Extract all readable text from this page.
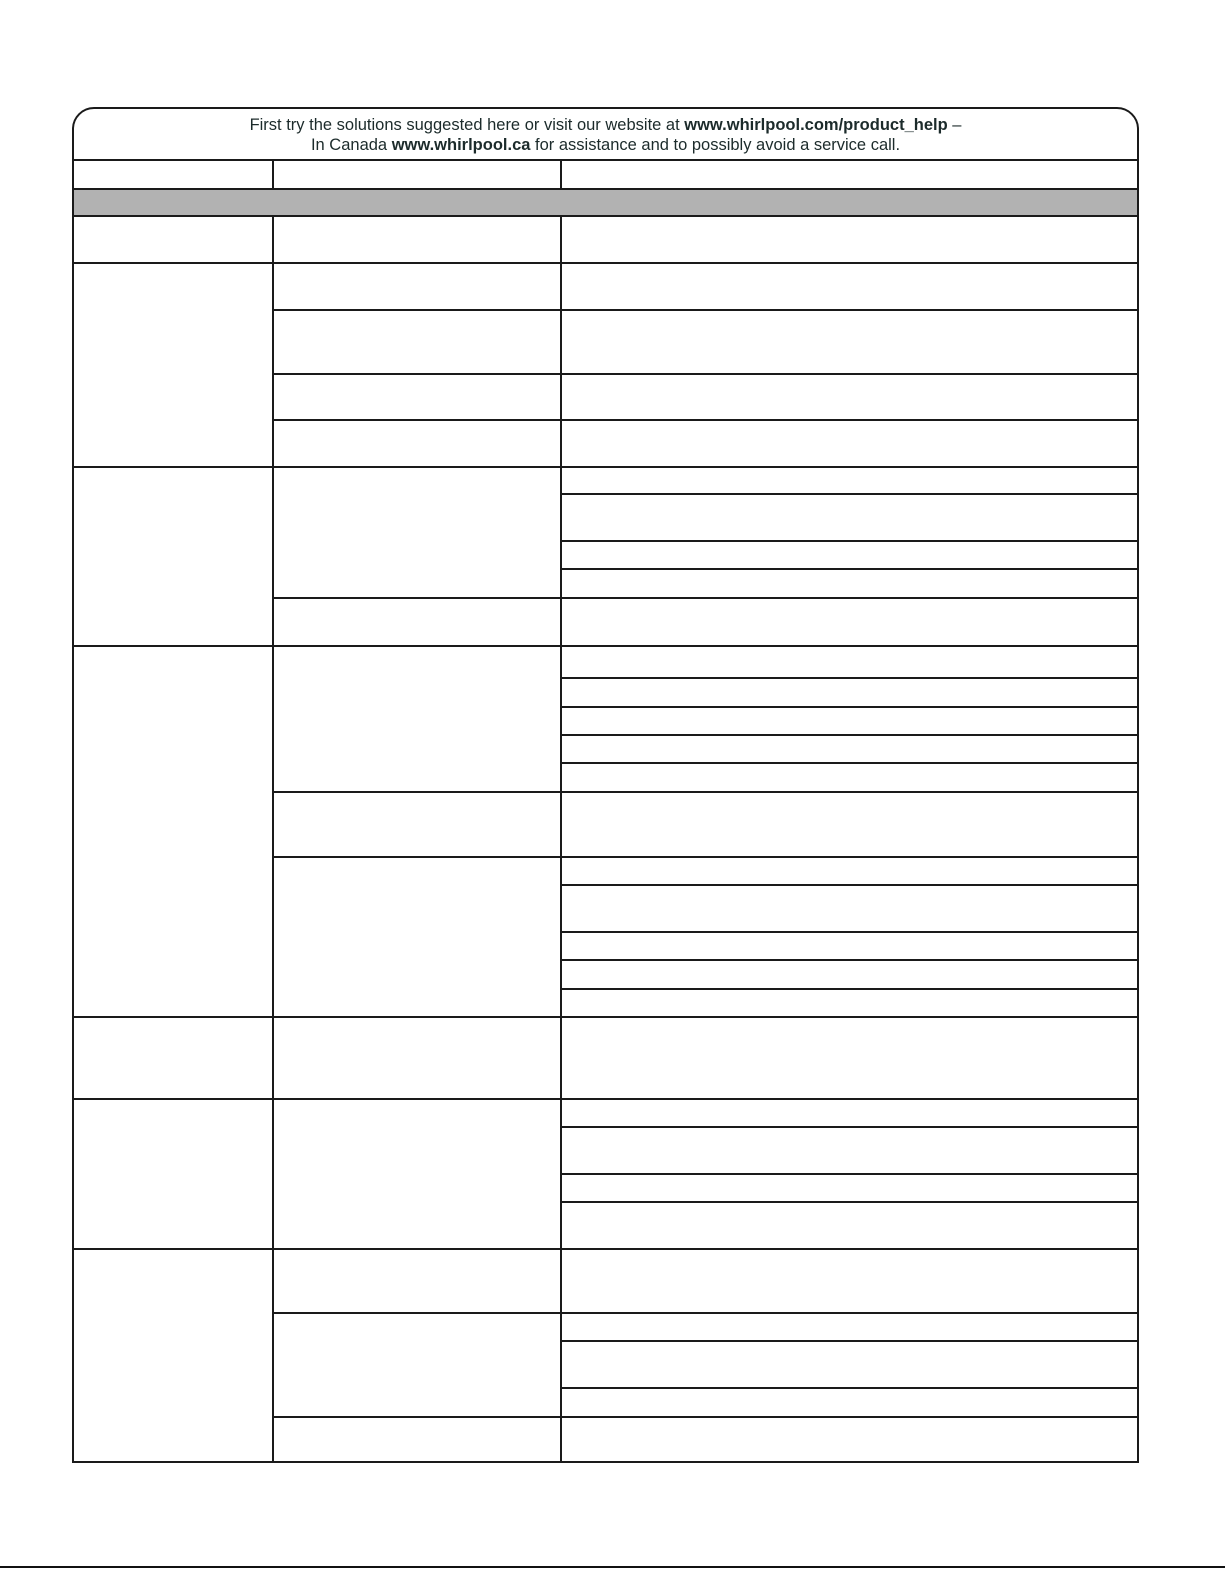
First try the solutions suggested here or visit our website at www.whirlpool.com/product_help –
In Canada www.whirlpool.ca for assistance and to possibly avoid a service call.
